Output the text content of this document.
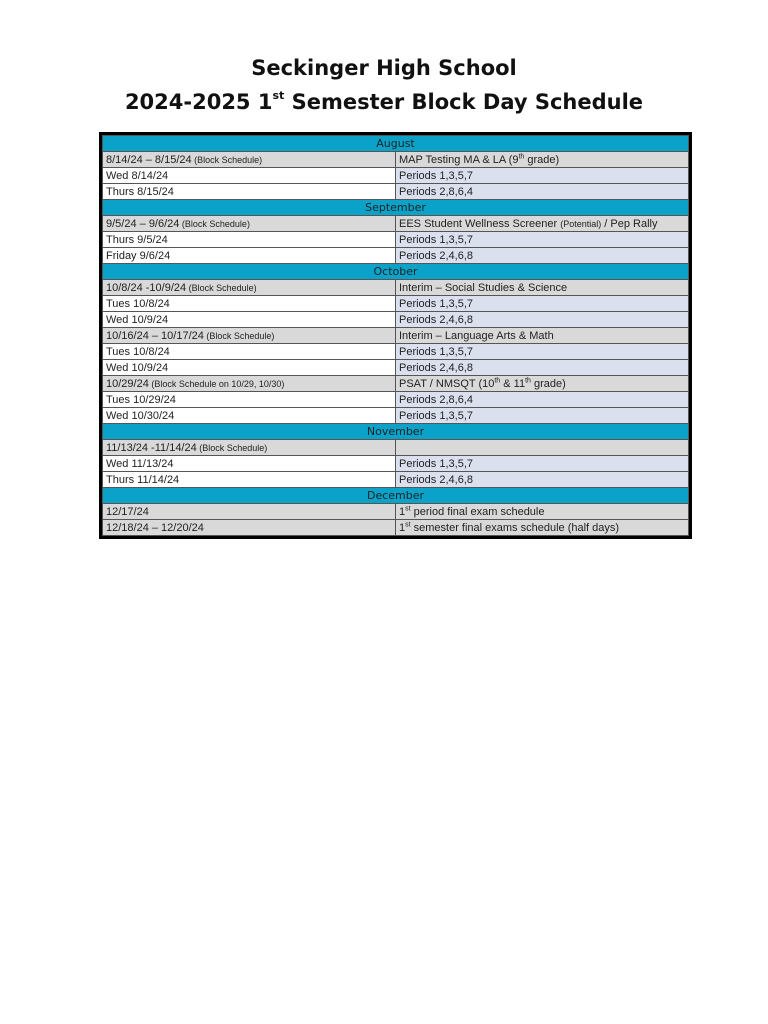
Seckinger High School
2024-2025 1st Semester Block Day Schedule
August	
8/14/24 – 8/15/24 (Block Schedule)	MAP Testing MA & LA (9th grade)
Wed 8/14/24	Periods 1,3,5,7
Thurs 8/15/24	Periods 2,8,6,4
September	
9/5/24 – 9/6/24 (Block Schedule)	EES Student Wellness Screener (Potential) / Pep Rally
Thurs 9/5/24	Periods 1,3,5,7
Friday 9/6/24	Periods 2,4,6,8
October	
10/8/24 -10/9/24 (Block Schedule)	Interim – Social Studies & Science
Tues 10/8/24	Periods 1,3,5,7
Wed 10/9/24	Periods 2,4,6,8
10/16/24 – 10/17/24 (Block Schedule)	Interim – Language Arts & Math
Tues 10/8/24	Periods 1,3,5,7
Wed 10/9/24	Periods 2,4,6,8
10/29/24 (Block Schedule on 10/29, 10/30)	PSAT / NMSQT (10th & 11th grade)
Tues 10/29/24	Periods 2,8,6,4
Wed 10/30/24	Periods 1,3,5,7
November	
11/13/24 -11/14/24 (Block Schedule)	
Wed 11/13/24	Periods 1,3,5,7
Thurs 11/14/24	Periods 2,4,6,8
December	
12/17/24	1st period final exam schedule
12/18/24 – 12/20/24	1st semester final exams schedule (half days)
